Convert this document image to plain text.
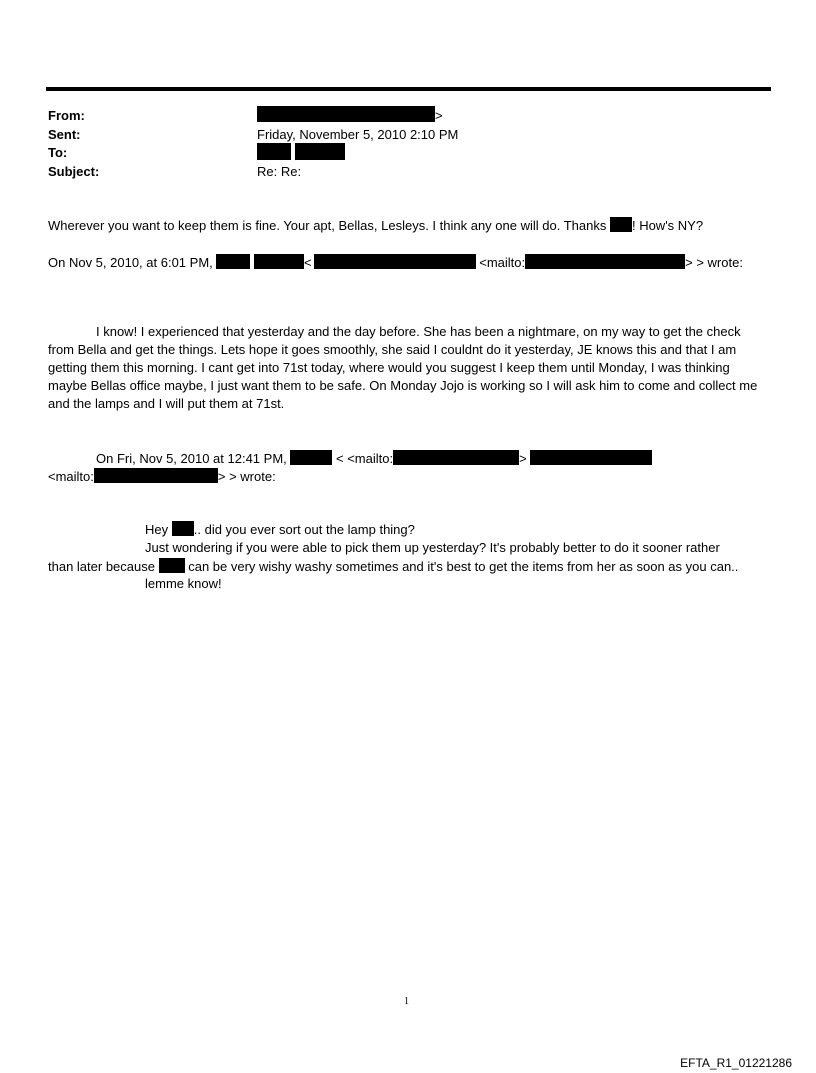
From:	>
Sent:	Friday, November 5, 2010 2:10 PM
To:

Subject:	Re: Re:
Wherever you want to keep them is fine. Your apt, Bellas, Lesleys. I think any one will do. Thanks ! How's NY?
On Nov 5, 2010, at 6:01 PM,	<	<mailto:	> > wrote:
I know! I experienced that yesterday and the day before. She has been a nightmare, on my way to get the check from Bella and get the things. Lets hope it goes smoothly, she said I couldnt do it yesterday, JE knows this and that I am getting them this morning. I cant get into 71st today, where would you suggest I keep them until Monday, I was thinking maybe Bellas office maybe, I just want them to be safe. On Monday Jojo is working so I will ask him to come and collect me and the lamps and I will put them at 71st.
On Fri, Nov 5, 2010 at 12:41 PM,	< <mailto:	>
<mailto:	> > wrote:
Hey .. did you ever sort out the lamp thing?
Just wondering if you were able to pick them up yesterday? It's probably better to do it sooner rather
than later because	can be very wishy washy sometimes and it's best to get the items from her as soon as you can..
lemme know!
1
EFTA_R1_01221286
